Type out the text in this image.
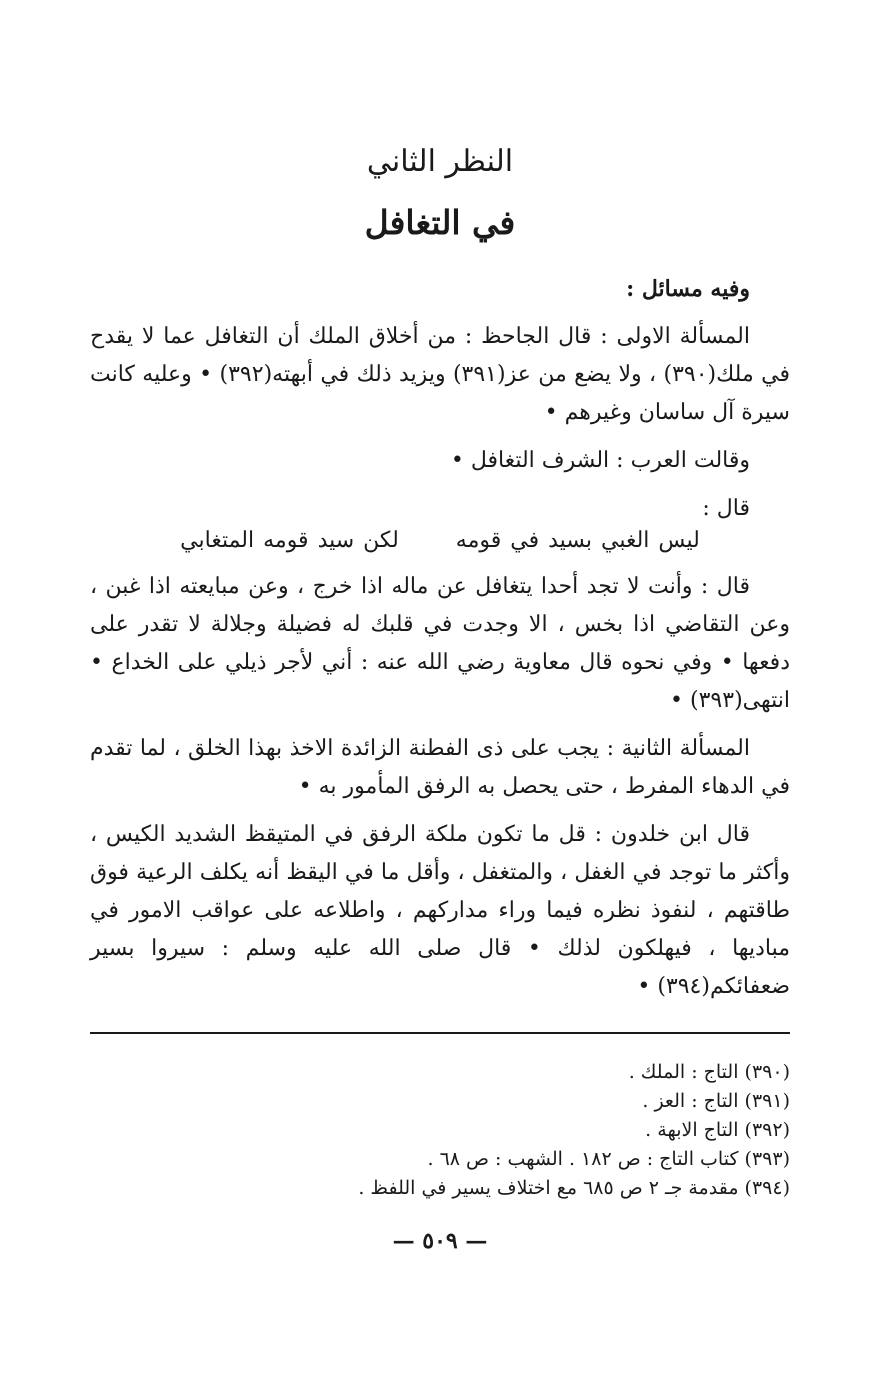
النظر الثاني
في التغافل

وفيه مسائل :

المسألة الاولى : قال الجاحظ : من أخلاق الملك أن التغافل عما لا يقدح في ملك(٣٩٠) ، ولا يضع من عز(٣٩١) ويزيد ذلك في أبهته(٣٩٢) • وعليه كانت سيرة آل ساسان وغيرهم •

وقالت العرب : الشرف التغافل •

قال :

ليس الغبي بسيد في قومه لكن سيد قومه المتغابي

قال : وأنت لا تجد أحدا يتغافل عن ماله اذا خرج ، وعن مبايعته اذا غبن ، وعن التقاضي اذا بخس ، الا وجدت في قلبك له فضيلة وجلالة لا تقدر على دفعها • وفي نحوه قال معاوية رضي الله عنه : أني لأجر ذيلي على الخداع • انتهى(٣٩٣) •

المسألة الثانية : يجب على ذى الفطنة الزائدة الاخذ بهذا الخلق ، لما تقدم في الدهاء المفرط ، حتى يحصل به الرفق المأمور به •

قال ابن خلدون : قل ما تكون ملكة الرفق في المتيقظ الشديد الكيس ، وأكثر ما توجد في الغفل ، والمتغفل ، وأقل ما في اليقظ أنه يكلف الرعية فوق طاقتهم ، لنفوذ نظره فيما وراء مداركهم ، واطلاعه على عواقب الامور في مباديها ، فيهلكون لذلك • قال صلى الله عليه وسلم : سيروا بسير ضعفائكم(٣٩٤) •

(٣٩٠) التاج : الملك .
(٣٩١) التاج : العز .
(٣٩٢) التاج الابهة .
(٣٩٣) كتاب التاج : ص ١٨٢ . الشهب : ص ٦٨ .
(٣٩٤) مقدمة جـ ٢ ص ٦٨٥ مع اختلاف يسير في اللفظ .
— ٥٠٩ —
